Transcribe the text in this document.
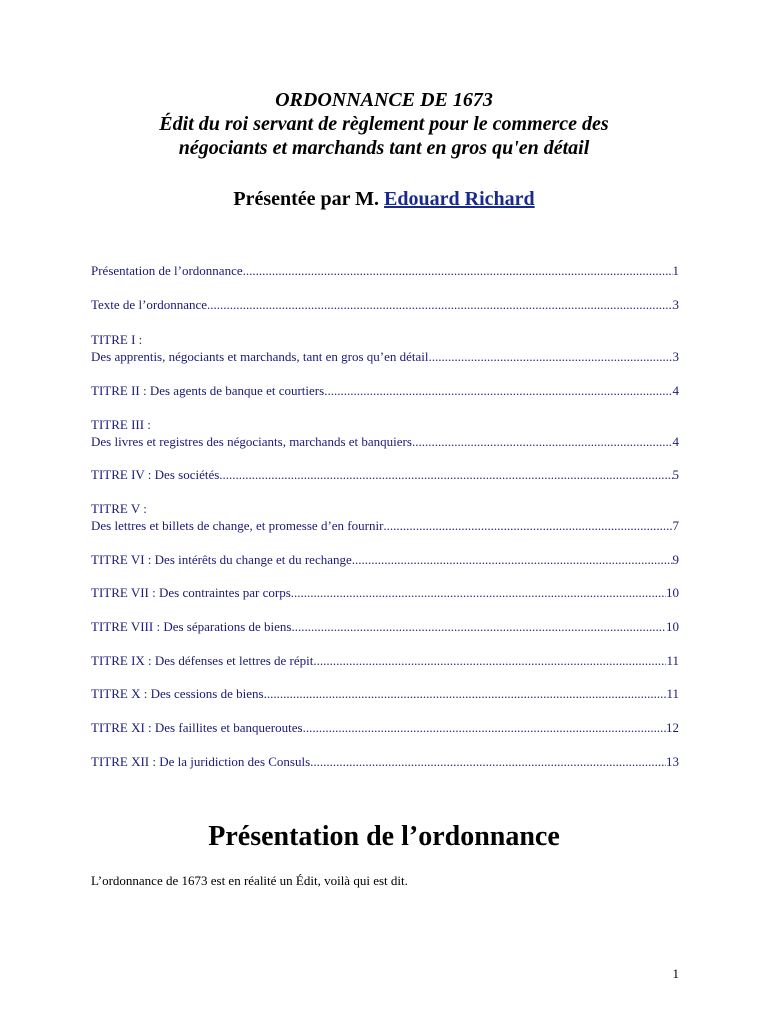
ORDONNANCE DE 1673
Édit du roi servant de règlement pour le commerce des
négociants et marchands tant en gros qu'en détail
Présentée par M. Edouard Richard
Présentation de l’ordonnance .....	1
Texte de l’ordonnance .....	3
TITRE I :
Des apprentis, négociants et marchands, tant en gros qu’en détail .....	3
TITRE II : Des agents de banque et courtiers .....	4
TITRE III :
Des livres et registres des négociants, marchands et banquiers .....	4
TITRE IV : Des sociétés .....	5
TITRE V :
Des lettres et billets de change, et promesse d’en fournir .....	7
TITRE VI : Des intérêts du change et du rechange .....	9
TITRE VII : Des contraintes par corps .....	10
TITRE VIII : Des séparations de biens .....	10
TITRE IX : Des défenses et lettres de répit .....	11
TITRE X : Des cessions de biens .....	11
TITRE XI : Des faillites et banqueroutes .....	12
TITRE XII : De la juridiction des Consuls .....	13
Présentation de l’ordonnance
L’ordonnance de 1673 est en réalité un Édit, voilà qui est dit.
1
